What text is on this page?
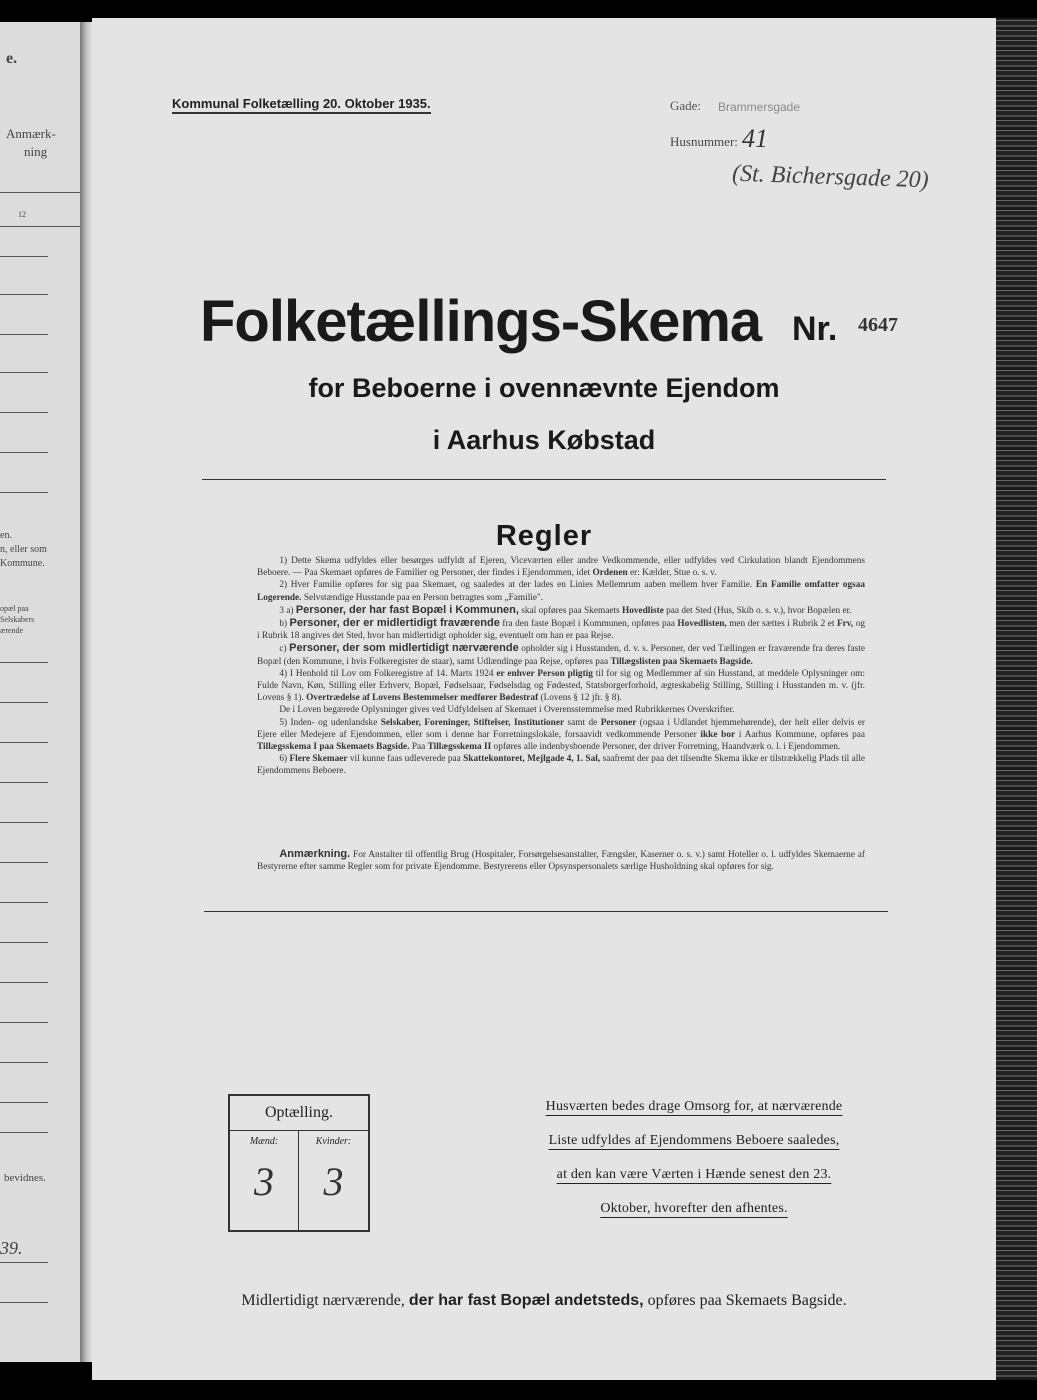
e.
Anmærk-
ning
12
en.
n, eller som
Kommune.
opæl paa
Selskabers
ærende
bevidnes.
39.
Kommunal Folketælling 20. Oktober 1935.	Gade: Brammersgade
Husnummer: 41
(St. Bichersgade 20)
Folketællings-Skema Nr. 4647
for Beboerne i ovennævnte Ejendom
i Aarhus Købstad
Regler

1) Dette Skema udfyldes eller besørges udfyldt af Ejeren, Viceværten eller andre Vedkommende, eller udfyldes ved Cirkulation blandt Ejendommens Beboere. — Paa Skemaet opføres de Familier og Personer, der findes i Ejendommen, idet Ordenen er: Kælder, Stue o. s. v.

2) Hver Familie opføres for sig paa Skemaet, og saaledes at der lades en Linies Mellemrum aaben mellem hver Familie. En Familie omfatter ogsaa Logerende. Selvstændige Husstande paa en Person betragtes som „Familie".

3 a) Personer, der har fast Bopæl i Kommunen, skal opføres paa Skemaets Hovedliste paa det Sted (Hus, Skib o. s. v.), hvor Bopælen er.

b) Personer, der er midlertidigt fraværende fra den faste Bopæl i Kommunen, opføres paa Hovedlisten, men der sættes i Rubrik 2 et Frv, og i Rubrik 18 angives det Sted, hvor han midlertidigt opholder sig, eventuelt om han er paa Rejse.

c) Personer, der som midlertidigt nærværende opholder sig i Husstanden, d. v. s. Personer, der ved Tællingen er fraværende fra deres faste Bopæl (den Kommune, i hvis Folkeregister de staar), samt Udlændinge paa Rejse, opføres paa Tillægslisten paa Skemaets Bagside.

4) I Henhold til Lov om Folkeregistre af 14. Marts 1924 er enhver Person pligtig til for sig og Medlemmer af sin Husstand, at meddele Oplysninger om: Fulde Navn, Køn, Stilling eller Erhverv, Bopæl, Fødselsaar, Fødselsdag og Fødested, Statsborgerforhold, ægteskabelig Stilling, Stilling i Husstanden m. v. (jfr. Lovens § 1). Overtrædelse af Lovens Bestemmelser medfører Bødestraf (Lovens § 12 jfr. § 8).

De i Loven begærede Oplysninger gives ved Udfyldelsen af Skemaet i Overensstemmelse med Rubrikkernes Overskrifter.

5) Inden- og udenlandske Selskaber, Foreninger, Stiftelser, Institutioner samt de Personer (ogsaa i Udlandet hjemmehørende), der helt eller delvis er Ejere eller Medejere af Ejendommen, eller som i denne har Forretningslokale, forsaavidt vedkommende Personer ikke bor i Aarhus Kommune, opføres paa Tillægsskema I paa Skemaets Bagside. Paa Tillægsskema II opføres alle indenbysboende Personer, der driver Forretning, Haandværk o. l. i Ejendommen.

6) Flere Skemaer vil kunne faas udleverede paa Skattekontoret, Mejlgade 4, 1. Sal, saafremt der paa det tilsendte Skema ikke er tilstrækkelig Plads til alle Ejendommens Beboere.

Anmærkning. For Anstalter til offentlig Brug (Hospitaler, Forsørgelsesanstalter, Fængsler, Kaserner o. s. v.) samt Hoteller o. l. udfyldes Skemaerne af Bestyrerne efter samme Regler som for private Ejendomme. Bestyrerens eller Opsynspersonalets særlige Husholdning skal opføres for sig.

Optælling.
Mænd:	Kvinder:
3	3
Husværten bedes drage Omsorg for, at nærværende
Liste udfyldes af Ejendommens Beboere saaledes,
at den kan være Værten i Hænde senest den 23.
Oktober, hvorefter den afhentes.
Midlertidigt nærværende, der har fast Bopæl andetsteds, opføres paa Skemaets Bagside.
